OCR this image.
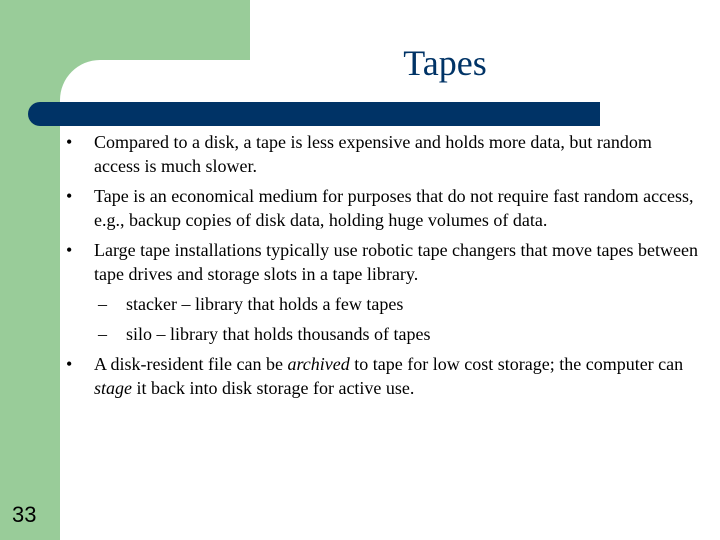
Tapes
• Compared to a disk, a tape is less expensive and holds more data, but random access is much slower.
• Tape is an economical medium for purposes that do not require fast random access, e.g., backup copies of disk data, holding huge volumes of data.
• Large tape installations typically use robotic tape changers that move tapes between tape drives and storage slots in a tape library.
– stacker – library that holds a few tapes
– silo – library that holds thousands of tapes
• A disk-resident file can be archived to tape for low cost storage; the computer can stage it back into disk storage for active use.
33
